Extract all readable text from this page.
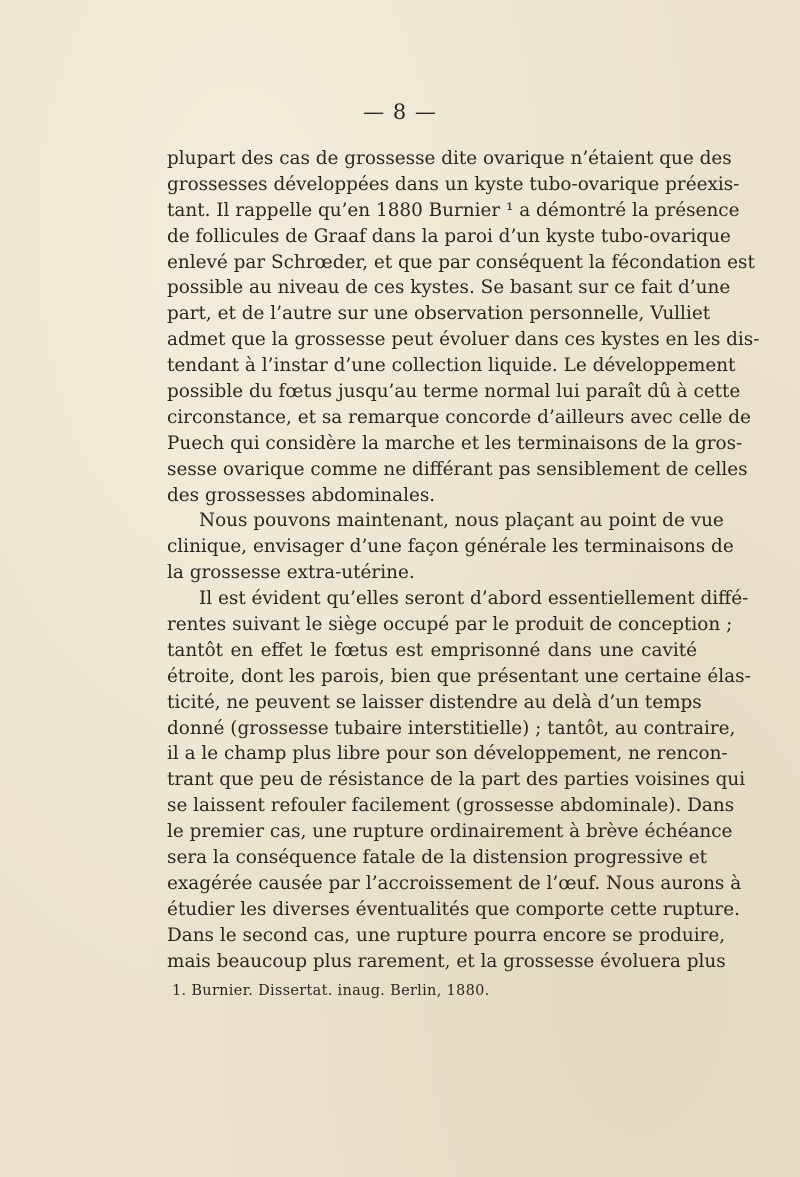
— 8 —
plupart des cas de grossesse dite ovarique n’étaient que des
grossesses développées dans un kyste tubo-ovarique préexis-
tant. Il rappelle qu’en 1880 Burnier ¹ a démontré la présence
de follicules de Graaf dans la paroi d’un kyste tubo-ovarique
enlevé par Schrœder, et que par conséquent la fécondation est
possible au niveau de ces kystes. Se basant sur ce fait d’une
part, et de l’autre sur une observation personnelle, Vulliet
admet que la grossesse peut évoluer dans ces kystes en les dis-
tendant à l’instar d’une collection liquide. Le développement
possible du fœtus jusqu’au terme normal lui paraît dû à cette
circonstance, et sa remarque concorde d’ailleurs avec celle de
Puech qui considère la marche et les terminaisons de la gros-
sesse ovarique comme ne différant pas sensiblement de celles
des grossesses abdominales.
Nous pouvons maintenant, nous plaçant au point de vue
clinique, envisager d’une façon générale les terminaisons de
la grossesse extra-utérine.
Il est évident qu’elles seront d’abord essentiellement diffé-
rentes suivant le siège occupé par le produit de conception ;
tantôt en effet le fœtus est emprisonné dans une cavité
étroite, dont les parois, bien que présentant une certaine élas-
ticité, ne peuvent se laisser distendre au delà d’un temps
donné (grossesse tubaire interstitielle) ; tantôt, au contraire,
il a le champ plus libre pour son développement, ne rencon-
trant que peu de résistance de la part des parties voisines qui
se laissent refouler facilement (grossesse abdominale). Dans
le premier cas, une rupture ordinairement à brève échéance
sera la conséquence fatale de la distension progressive et
exagérée causée par l’accroissement de l’œuf. Nous aurons à
étudier les diverses éventualités que comporte cette rupture.
Dans le second cas, une rupture pourra encore se produire,
mais beaucoup plus rarement, et la grossesse évoluera plus
1. Burnier. Dissertat. inaug. Berlin, 1880.
